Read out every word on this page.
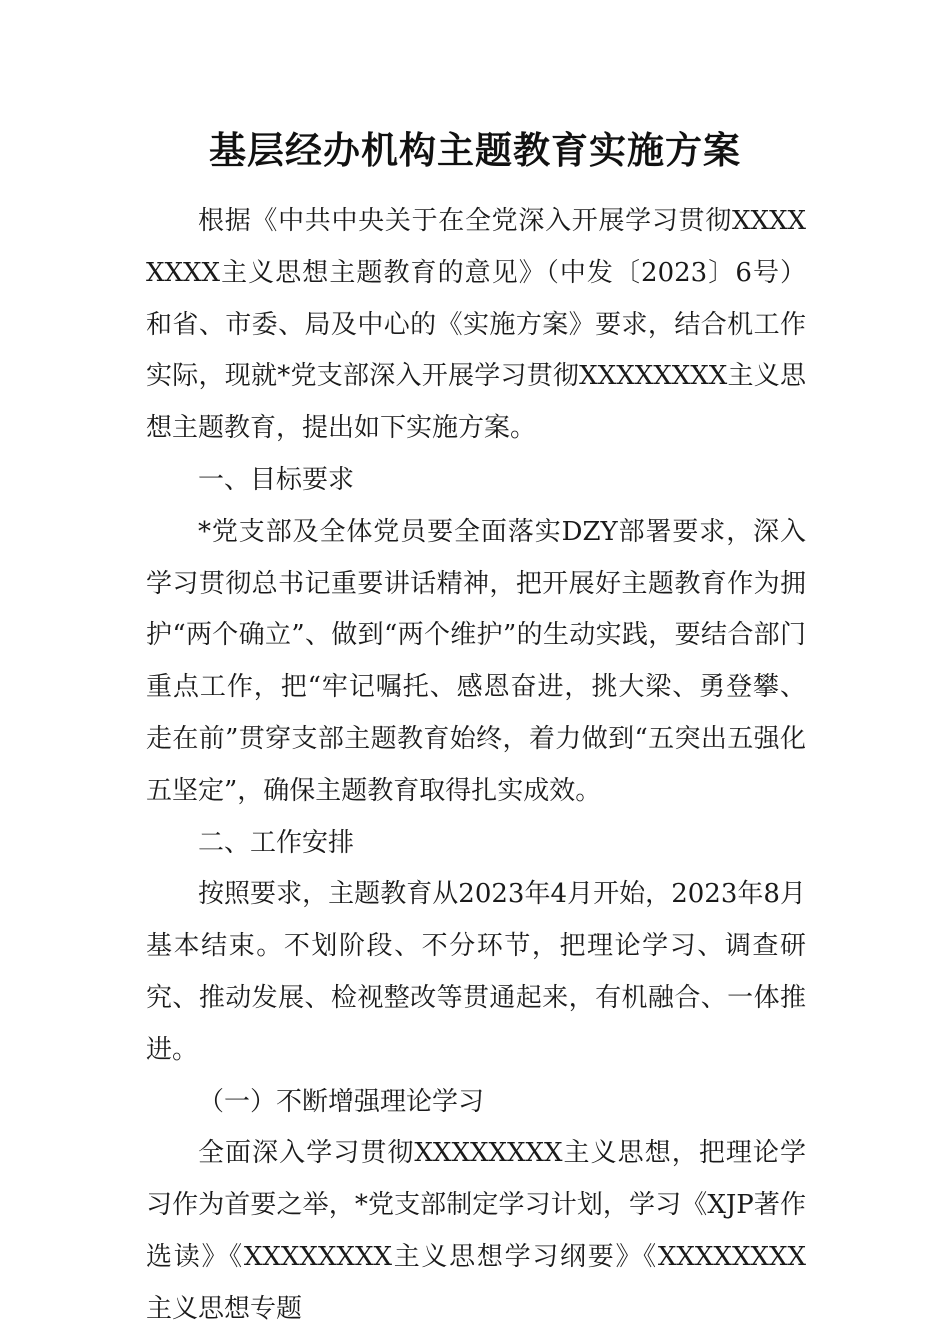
基层经办机构主题教育实施方案

根据《中共中央关于在全党深入开展学习贯彻XXXXXXXX主义思想主题教育的意见》（中发〔2023〕6号）和省、市委、局及中心的《实施方案》要求，结合机工作实际，现就*党支部深入开展学习贯彻XXXXXXXX主义思想主题教育，提出如下实施方案。

一、目标要求

*党支部及全体党员要全面落实DZY部署要求，深入学习贯彻总书记重要讲话精神，把开展好主题教育作为拥护“两个确立”、做到“两个维护”的生动实践，要结合部门重点工作，把“牢记嘱托、感恩奋进，挑大梁、勇登攀、走在前”贯穿支部主题教育始终，着力做到“五突出五强化五坚定”，确保主题教育取得扎实成效。

二、工作安排

按照要求，主题教育从2023年4月开始，2023年8月基本结束。不划阶段、不分环节，把理论学习、调查研究、推动发展、检视整改等贯通起来，有机融合、一体推进。

（一）不断增强理论学习

全面深入学习贯彻XXXXXXXX主义思想，把理论学习作为首要之举，*党支部制定学习计划，学习《XJP著作选读》《XXXXXXXX主义思想学习纲要》《XXXXXXXX主义思想专题
